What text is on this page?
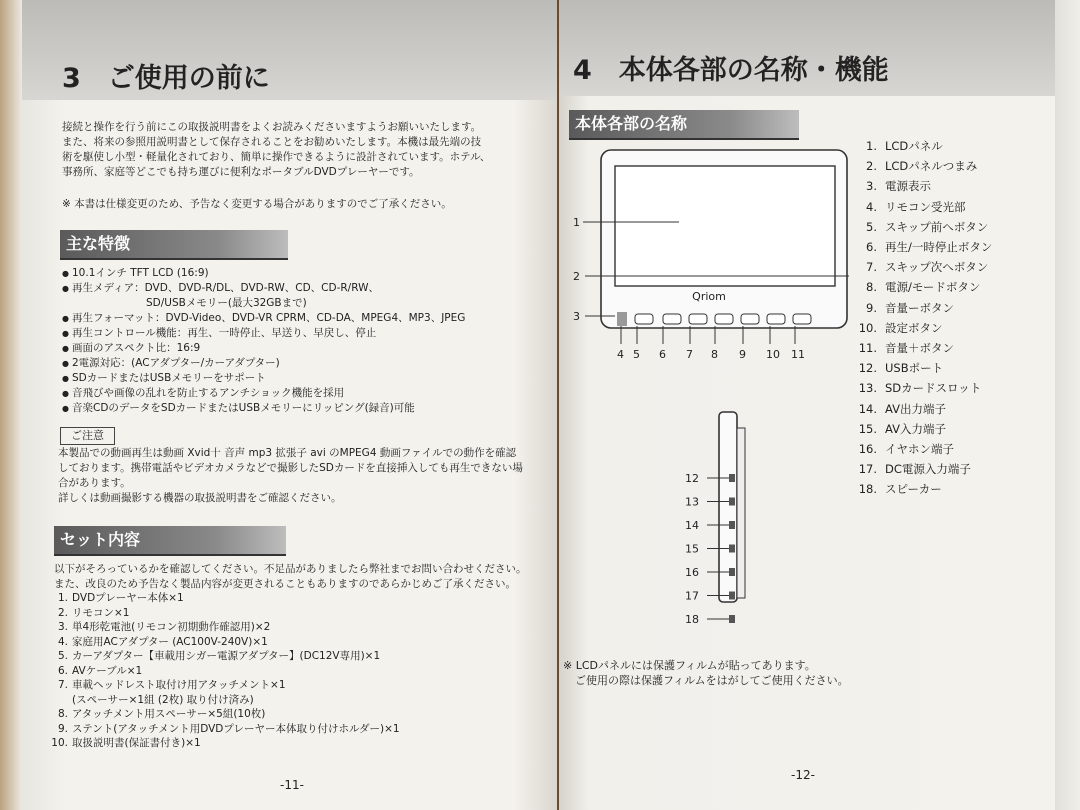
3　ご使用の前に
接続と操作を行う前にこの取扱説明書をよくお読みくださいますようお願いいたします。
また、将来の参照用説明書として保存されることをお勧めいたします。本機は最先端の技
術を駆使し小型・軽量化されており、簡単に操作できるように設計されています。ホテル、
事務所、家庭等どこでも持ち運びに便利なポータブルDVDプレーヤーです。
※ 本書は仕様変更のため、予告なく変更する場合がありますのでご了承ください。
主な特徴
● 10.1インチ TFT LCD (16:9)
● 再生メディア：DVD、DVD-R/DL、DVD-RW、CD、CD-R/RW、
SD/USBメモリー(最大32GBまで)
● 再生フォーマット：DVD-Video、DVD-VR CPRM、CD-DA、MPEG4、MP3、JPEG
● 再生コントロール機能：再生、一時停止、早送り、早戻し、停止
● 画面のアスペクト比：16:9
● 2電源対応：(ACアダプター/カーアダプター)
● SDカードまたはUSBメモリーをサポート
● 音飛びや画像の乱れを防止するアンチショック機能を採用
● 音楽CDのデータをSDカードまたはUSBメモリーにリッピング(録音)可能
ご注意
本製品での動画再生は動画 Xvid十 音声 mp3 拡張子 avi のMPEG4 動画ファイルでの動作を確認
しております。携帯電話やビデオカメラなどで撮影したSDカードを直接挿入しても再生できない場
合があります。
詳しくは動画撮影する機器の取扱説明書をご確認ください。
セット内容
以下がそろっているかを確認してください。不足品がありましたら弊社までお問い合わせください。
また、改良のため予告なく製品内容が変更されることもありますのであらかじめご了承ください。
1. DVDプレーヤー本体×1
2. リモコン×1
3. 単4形乾電池(リモコン初期動作確認用)×2
4. 家庭用ACアダプター (AC100V-240V)×1
5. カーアダプター【車載用シガー電源アダプター】(DC12V専用)×1
6. AVケーブル×1
7. 車載ヘッドレスト取付け用アタッチメント×1
(スペーサー×1組 (2枚) 取り付け済み)
8. アタッチメント用スペーサー×5組(10枚)
9. ステント(アタッチメント用DVDプレーヤー本体取り付けホルダー)×1
10. 取扱説明書(保証書付き)×1
-11-
4　本体各部の名称・機能
本体各部の名称
Qriom
1
2
3
4 5 6 7 8 9 10 11
12
13
14
15
16
17
18
1. LCDパネル
2. LCDパネルつまみ
3. 電源表示
4. リモコン受光部
5. スキップ前へボタン
6. 再生/一時停止ボタン
7. スキップ次へボタン
8. 電源/モードボタン
9. 音量ーボタン
10. 設定ボタン
11. 音量＋ボタン
12. USBポート
13. SDカードスロット
14. AV出力端子
15. AV入力端子
16. イヤホン端子
17. DC電源入力端子
18. スピーカー
※ LCDパネルには保護フィルムが貼ってあります。
ご使用の際は保護フィルムをはがしてご使用ください。
-12-
